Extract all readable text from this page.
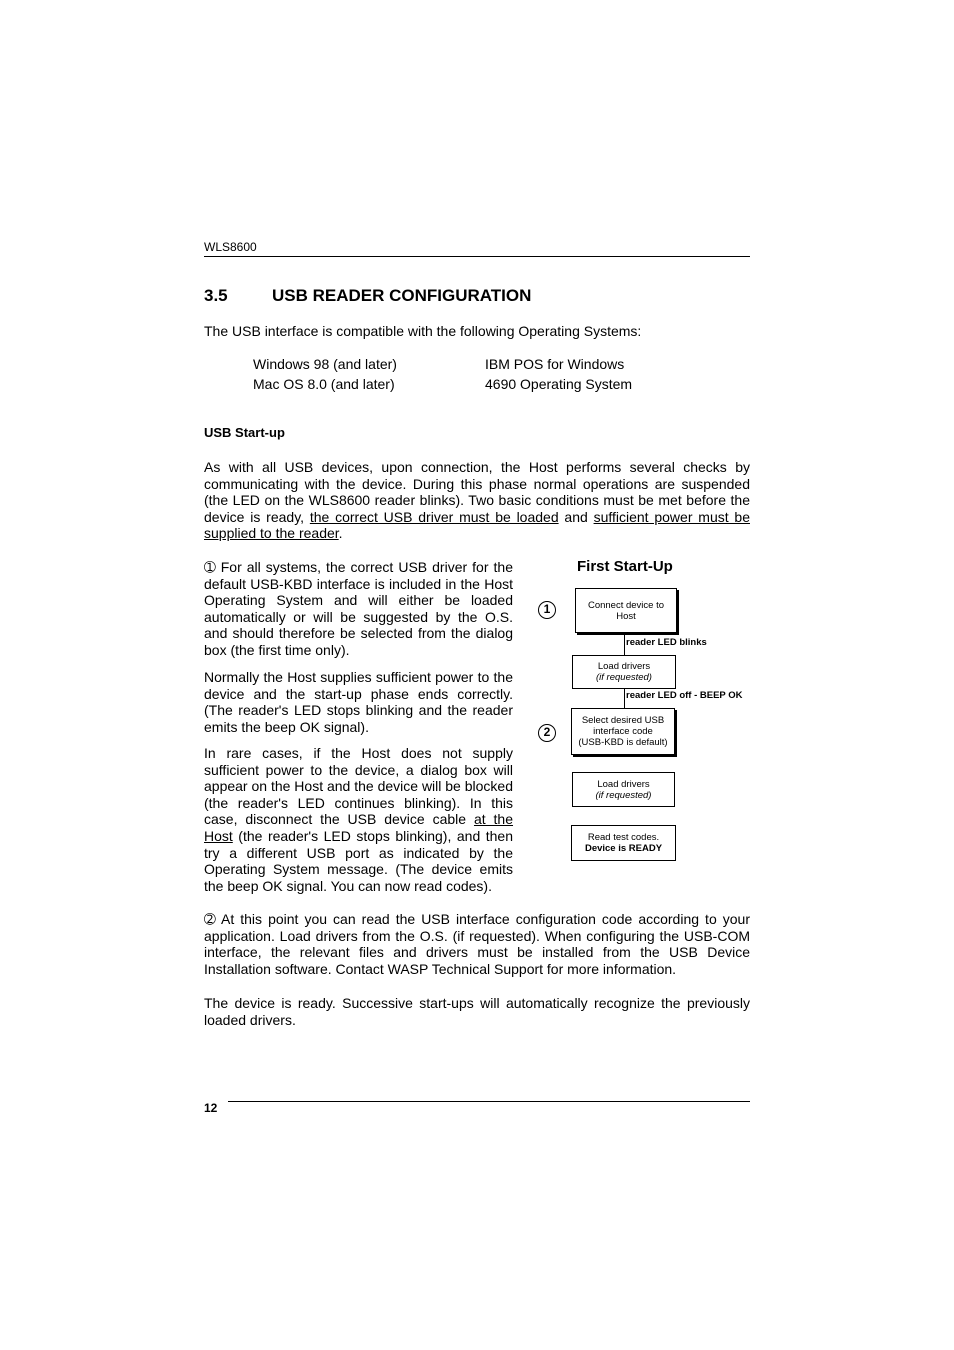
WLS8600
3.5	USB READER CONFIGURATION
The USB interface is compatible with the following Operating Systems:
Windows 98 (and later)
Mac OS 8.0 (and later)
IBM POS for Windows
4690 Operating System
USB Start-up
As with all USB devices, upon connection, the Host performs several checks by communicating with the device. During this phase normal operations are suspended (the LED on the WLS8600 reader blinks). Two basic conditions must be met before the device is ready, the correct USB driver must be loaded and sufficient power must be supplied to the reader.
➀ For all systems, the correct USB driver for the default USB-KBD interface is included in the Host Operating System and will either be loaded automatically or will be suggested by the O.S. and should therefore be selected from the dialog box (the first time only).
Normally the Host supplies sufficient power to the device and the start-up phase ends correctly. (The reader's LED stops blinking and the reader emits the beep OK signal).
In rare cases, if the Host does not supply sufficient power to the device, a dialog box will appear on the Host and the device will be blocked (the reader's LED continues blinking). In this case, disconnect the USB device cable at the Host (the reader's LED stops blinking), and then try a different USB port as indicated by the Operating System message. (The device emits the beep OK signal. You can now read codes).
First Start-Up
1
2
Connect device to Host
reader LED blinks
Load drivers
(if requested)
reader LED off - BEEP OK
Select desired USB
interface code
(USB-KBD is default)
Load drivers
(if requested)
Read test codes.
Device is READY
➁ At this point you can read the USB interface configuration code according to your application. Load drivers from the O.S. (if requested). When configuring the USB-COM interface, the relevant files and drivers must be installed from the USB Device Installation software. Contact WASP Technical Support for more information.
The device is ready. Successive start-ups will automatically recognize the previously loaded drivers.
12
